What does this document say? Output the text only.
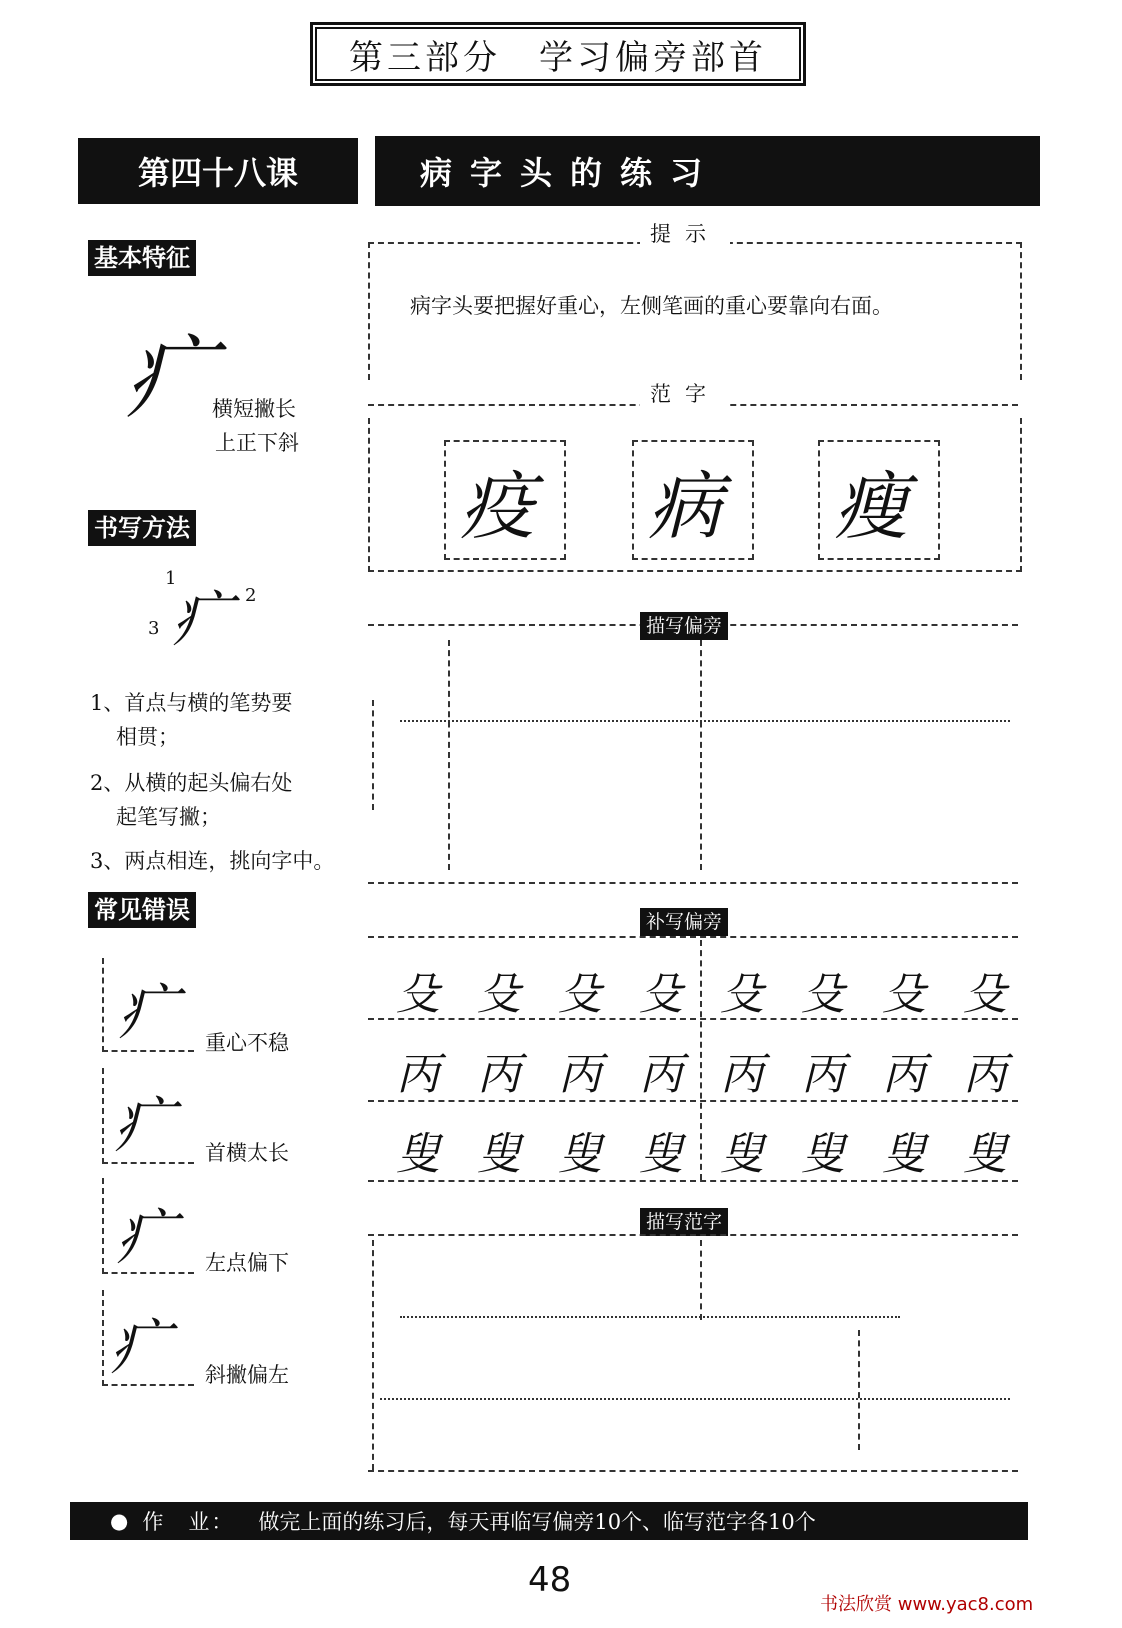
第三部分　学习偏旁部首
第四十八课	病字头的练习
基本特征
疒
横短撇长
上正下斜
书写方法
1
2
3 疒
1、首点与横的笔势要
相贯；
2、从横的起头偏右处
起笔写撇；
3、两点相连，挑向字中。
常见错误
疒 重心不稳
疒 首横太长
疒 左点偏下
疒 斜撇偏左
提示
病字头要把握好重心，左侧笔画的重心要靠向右面。
范字
疫 病 瘦
描写偏旁
补写偏旁
殳 殳 殳 殳 殳 殳 殳 殳
丙 丙 丙 丙 丙 丙 丙 丙
叟 叟 叟 叟 叟 叟 叟 叟
描写范字
● 作　业： 做完上面的练习后，每天再临写偏旁10个、临写范字各10个
48
书法欣赏 www.yac8.com
